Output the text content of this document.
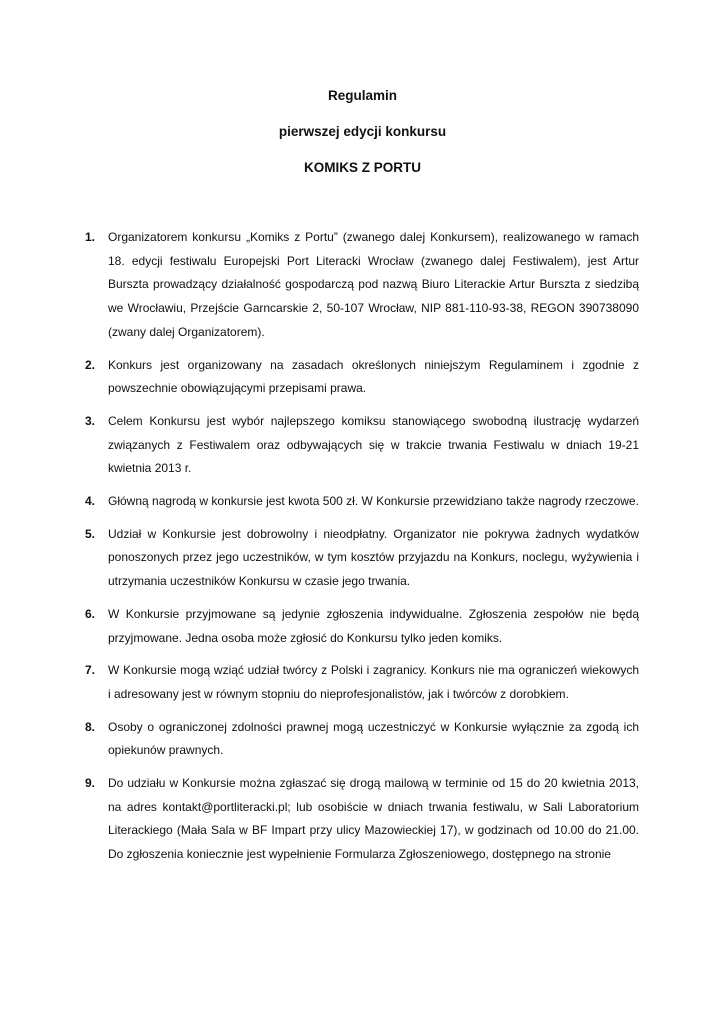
Regulamin

pierwszej edycji konkursu

KOMIKS Z PORTU

1. Organizatorem konkursu „Komiks z Portu” (zwanego dalej Konkursem), realizowanego w ramach 18. edycji festiwalu Europejski Port Literacki Wrocław (zwanego dalej Festiwalem), jest Artur Bursztа prowadzący działalność gospodarczą pod nazwą Biuro Literackie Artur Bursztа z siedzibą we Wrocławiu, Przejście Garncarskie 2, 50-107 Wrocław, NIP 881-110-93-38, REGON 390738090 (zwany dalej Organizatorem).
2. Konkurs jest organizowany na zasadach określonych niniejszym Regulaminem i zgodnie z powszechnie obowiązującymi przepisami prawa.
3. Celem Konkursu jest wybór najlepszego komiksu stanowiącego swobodną ilustrację wydarzeń związanych z Festiwalem oraz odbywających się w trakcie trwania Festiwalu w dniach 19-21 kwietnia 2013 r.
4. Główną nagrodą w konkursie jest kwota 500 zł. W Konkursie przewidziano także nagrody rzeczowe.
5. Udział w Konkursie jest dobrowolny i nieodpłatny. Organizator nie pokrywa żadnych wydatków ponoszonych przez jego uczestników, w tym kosztów przyjazdu na Konkurs, noclegu, wyżywienia i utrzymania uczestników Konkursu w czasie jego trwania.
6. W Konkursie przyjmowane są jedynie zgłoszenia indywidualne. Zgłoszenia zespołów nie będą przyjmowane. Jedna osoba może zgłosić do Konkursu tylko jeden komiks.
7. W Konkursie mogą wziąć udział twórcy z Polski i zagranicy. Konkurs nie ma ograniczeń wiekowych i adresowany jest w równym stopniu do nieprofesjonalistów, jak i twórców z dorobkiem.
8. Osoby o ograniczonej zdolności prawnej mogą uczestniczyć w Konkursie wyłącznie za zgodą ich opiekunów prawnych.
9. Do udziału w Konkursie można zgłaszać się drogą mailową w terminie od 15 do 20 kwietnia 2013, na adres kontakt@portliteracki.pl; lub osobiście w dniach trwania festiwalu, w Sali Laboratorium Literackiego (Mała Sala w BF Impart przy ulicy Mazowieckiej 17), w godzinach od 10.00 do 21.00. Do zgłoszenia koniecznie jest wypełnienie Formularza Zgłoszeniowego, dostępnego na stronie
